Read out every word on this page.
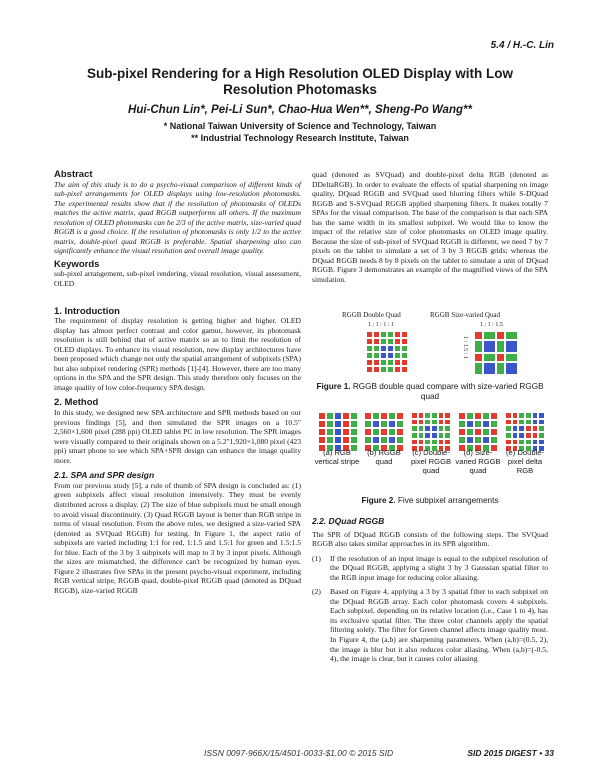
5.4 / H.-C. Lin
Sub-pixel Rendering for a High Resolution OLED Display with Low Resolution Photomasks
Hui-Chun Lin*, Pei-Li Sun*, Chao-Hua Wen**, Sheng-Po Wang**
* National Taiwan University of Science and Technology, Taiwan
** Industrial Technology Research Institute, Taiwan
Abstract
The aim of this study is to do a psycho-visual comparison of different kinds of sub-pixel arrangements for OLED displays using low-resolution photomasks. The experimental results show that if the resolution of photomasks of OLEDs matches the active matrix, quad RGGB outperforms all others. If the maximum resolution of OLED photomasks can be 2/3 of the active matrix, size-varied quad RGGB is a good choice. If the resolution of photomasks is only 1/2 to the active matrix, double-pixel quad RGGB is preferable. Spatial sharpening also can significantly enhance the visual resolution and overall image quality.
Keywords
sub-pixel arrangement, sub-pixel rendering, visual resolution, visual assessment, OLED
1. Introduction
The requirement of display resolution is getting higher and higher. OLED display has almost perfect contrast and color gamut, however, its photomask resolution is still behind that of active matrix so as to limit the resolution of OLED displays. To enhance its visual resolution, new display architectures have been proposed which change not only the spatial arrangement of subpixels (SPA) but also subpixel rendering (SPR) methods [1]-[4]. However, there are too many options in the SPA and the SPR design. This study therefore only focuses on the image quality of low color-frequency SPA design.
2. Method
In this study, we designed new SPA architecture and SPR methods based on our previous findings [5], and then simulated the SPR images on a 10.5" 2,560×1,600 pixel (288 ppi) OLED tablet PC in low resolution. The SPR images were visually compared to their originals shown on a 5.2"1,920×1,080 pixel (423 ppi) smart phone to see which SPA+SPR design can enhance the image quality more.
2.1. SPA and SPR design
From our previous study [5], a rule of thumb of SPA design is concluded as: (1) green subpixels affect visual resolution intensively. They must be evenly distributed across a display. (2) The size of blue subpixels must be small enough to avoid visual discontinuity. (3) Quad RGGB layout is better than RGB stripe in terms of visual resolution. From the above rules, we designed a size-varied SPA (denoted as SVQuad RGGB) for testing. In Figure 1, the aspect ratio of subpixels are varied including 1:1 for red, 1:1.5 and 1.5:1 for green and 1.5:1.5 for blue. Each of the 3 by 3 subpixels will map to 3 by 3 input pixels. Although the sizes are mismatched, the difference can't be recognized by human eyes. Figure 2 illustrates five SPAs in the present psycho-visual experiment, including RGB vertical stripe, RGGB quad, double-pixel RGGB quad (denoted as DQuad RGGB), size-varied RGGB
quad (denoted as SVQuad) and double-pixel delta RGB (denoted as DDeltaRGB). In order to evaluate the effects of spatial sharpening on image quality, DQuad RGGB and SVQuad used blurring filters while S-DQuad RGGB and S-SVQuad RGGB applied sharpening filters. It makes totally 7 SPAs for the visual comparison. The base of the comparison is that each SPA has the same width in its smallest subpixel. We would like to know the impact of the relative size of color photomasks on OLED image quality. Because the size of sub-pixel of SVQuad RGGB is different, we need 7 by 7 pixels on the tablet to simulate a set of 3 by 3 RGGB grids; whereas the DQuad RGGB needs 8 by 8 pixels on the tablet to simulate a unit of DQuad RGGB. Figure 3 demonstrates an example of the magnified views of the SPA simulation.
RGGB Double Quad	RGGB Size-varied Quad
1 : 1 : 1 : 1	1 : 1 : 1.5
1 : 1.5 : 1
Figure 1. RGGB double quad compare with size-varied RGGB quad
(a) RGB vertical stripe
(b) RGGB quad
(c) Double-pixel RGGB quad
(d) Size-varied RGGB quad
(e) Double-pixel delta RGB
Figure 2. Five subpixel arrangements
2.2. DQuad RGGB
The SPR of DQuad RGGB consists of the following steps. The SVQuad RGGB also takes similar approaches in its SPR algorithm.
(1)	If the resolution of an input image is equal to the subpixel resolution of the DQuad RGGB, applying a slight 3 by 3 Gaussian spatial filter to the RGB input image for reducing color aliasing.
(2)	Based on Figure 4, applying a 3 by 3 spatial filter to each subpixel on the DQuad RGGB array. Each color photomask covers 4 subpixels. Each subpixel, depending on its relative location (i.e., Case 1 to 4), has its exclusive spatial filter. The three color channels apply the spatial filtering solely. The filter for Green channel affects image quality most. In Figure 4, the (a,b) are sharpening parameters. When (a,b)=(0.5, 2), the image is blur but it also reduces color aliasing. When (a,b)=(-0.5, 4), the image is clear, but it causes color aliasing
ISSN 0097-966X/15/4501-0033-$1.00 © 2015 SID	SID 2015 DIGEST • 33
